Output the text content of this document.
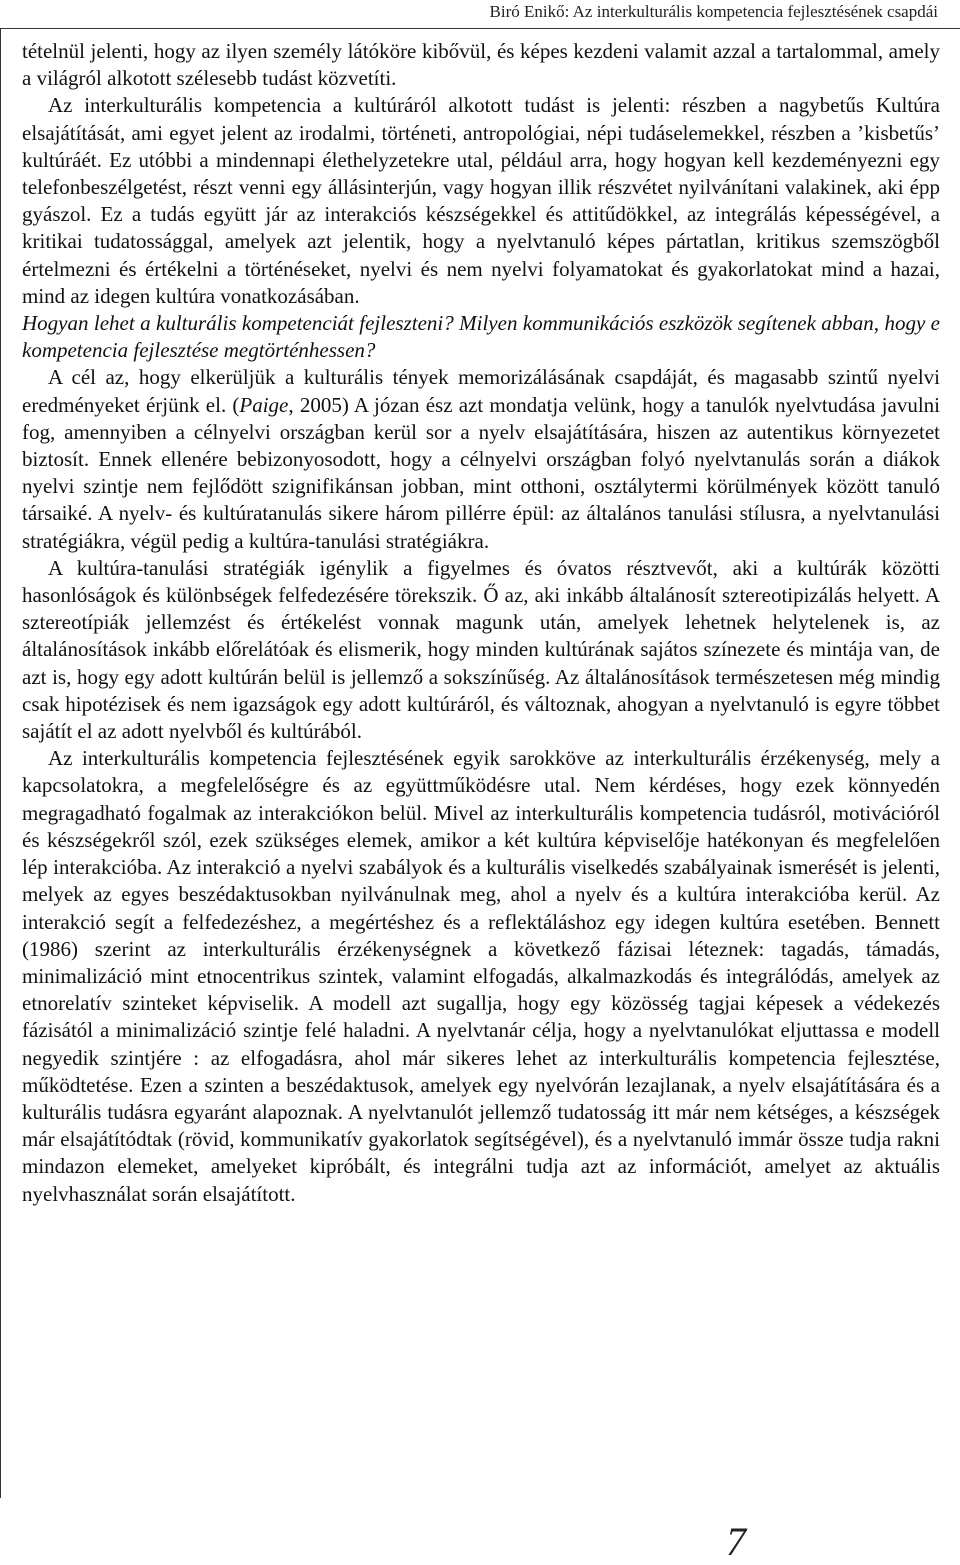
Biró Enikő: Az interkulturális kompetencia fejlesztésének csapdái

tételnül jelenti, hogy az ilyen személy látóköre kibővül, és képes kezdeni valamit azzal a tartalommal, amely a világról alkotott szélesebb tudást közvetíti.

Az interkulturális kompetencia a kultúráról alkotott tudást is jelenti: részben a nagybetűs Kultúra elsajátítását, ami egyet jelent az irodalmi, történeti, antropológiai, népi tudáselemekkel, részben a ’kisbetűs’ kultúráét. Ez utóbbi a mindennapi élethelyzetekre utal, például arra, hogy hogyan kell kezdeményezni egy telefonbeszélgetést, részt venni egy állásinterjún, vagy hogyan illik részvétet nyilvánítani valakinek, aki épp gyászol. Ez a tudás együtt jár az interakciós készségekkel és attitűdökkel, az integrálás képességével, a kritikai tudatossággal, amelyek azt jelentik, hogy a nyelvtanuló képes pártatlan, kritikus szemszögből értelmezni és értékelni a történéseket, nyelvi és nem nyelvi folyamatokat és gyakorlatokat mind a hazai, mind az idegen kultúra vonatkozásában.

Hogyan lehet a kulturális kompetenciát fejleszteni? Milyen kommunikációs eszközök segítenek abban, hogy e kompetencia fejlesztése megtörténhessen?

A cél az, hogy elkerüljük a kulturális tények memorizálásának csapdáját, és magasabb szintű nyelvi eredményeket érjünk el. (Paige, 2005) A józan ész azt mondatja velünk, hogy a tanulók nyelvtudása javulni fog, amennyiben a célnyelvi országban kerül sor a nyelv elsajátítására, hiszen az autentikus környezetet biztosít. Ennek ellenére bebizonyosodott, hogy a célnyelvi országban folyó nyelvtanulás során a diákok nyelvi szintje nem fejlődött szignifikánsan jobban, mint otthoni, osztálytermi körülmények között tanuló társaiké. A nyelv- és kultúratanulás sikere három pillérre épül: az általános tanulási stílusra, a nyelvtanulási stratégiákra, végül pedig a kultúra-tanulási stratégiákra.

A kultúra-tanulási stratégiák igénylik a figyelmes és óvatos résztvevőt, aki a kultúrák közötti hasonlóságok és különbségek felfedezésére törekszik. Ő az, aki inkább általánosít sztereotipizálás helyett. A sztereotípiák jellemzést és értékelést vonnak magunk után, amelyek lehetnek helytelenek is, az általánosítások inkább előrelátóak és elismerik, hogy minden kultúrának sajátos színezete és mintája van, de azt is, hogy egy adott kultúrán belül is jellemző a sokszínűség. Az általánosítások természetesen még mindig csak hipotézisek és nem igazságok egy adott kultúráról, és változnak, ahogyan a nyelvtanuló is egyre többet sajátít el az adott nyelvből és kultúrából.

Az interkulturális kompetencia fejlesztésének egyik sarokköve az interkulturális érzékenység, mely a kapcsolatokra, a megfelelőségre és az együttműködésre utal. Nem kérdéses, hogy ezek könnyedén megragadható fogalmak az interakciókon belül. Mivel az interkulturális kompetencia tudásról, motivációról és készségekről szól, ezek szükséges elemek, amikor a két kultúra képviselője hatékonyan és megfelelően lép interakcióba. Az interakció a nyelvi szabályok és a kulturális viselkedés szabályainak ismerését is jelenti, melyek az egyes beszédaktusokban nyilvánulnak meg, ahol a nyelv és a kultúra interakcióba kerül. Az interakció segít a felfedezéshez, a megértéshez és a reflektáláshoz egy idegen kultúra esetében. Bennett (1986) szerint az interkulturális érzékenységnek a következő fázisai léteznek: tagadás, támadás, minimalizáció mint etnocentrikus szintek, valamint elfogadás, alkalmazkodás és integrálódás, amelyek az etnorelatív szinteket képviselik. A modell azt sugallja, hogy egy közösség tagjai képesek a védekezés fázisától a minimalizáció szintje felé haladni. A nyelvtanár célja, hogy a nyelvtanulókat eljuttassa e modell negyedik szintjére : az elfogadásra, ahol már sikeres lehet az interkulturális kompetencia fejlesztése, működtetése. Ezen a szinten a beszédaktusok, amelyek egy nyelvórán lezajlanak, a nyelv elsajátítására és a kulturális tudásra egyaránt alapoznak. A nyelvtanulót jellemző tudatosság itt már nem kétséges, a készségek már elsajátítódtak (rövid, kommunikatív gyakorlatok segítségével), és a nyelvtanuló immár össze tudja rakni mindazon elemeket, amelyeket kipróbált, és integrálni tudja azt az információt, amelyet az aktuális nyelvhasználat során elsajátított.

7
